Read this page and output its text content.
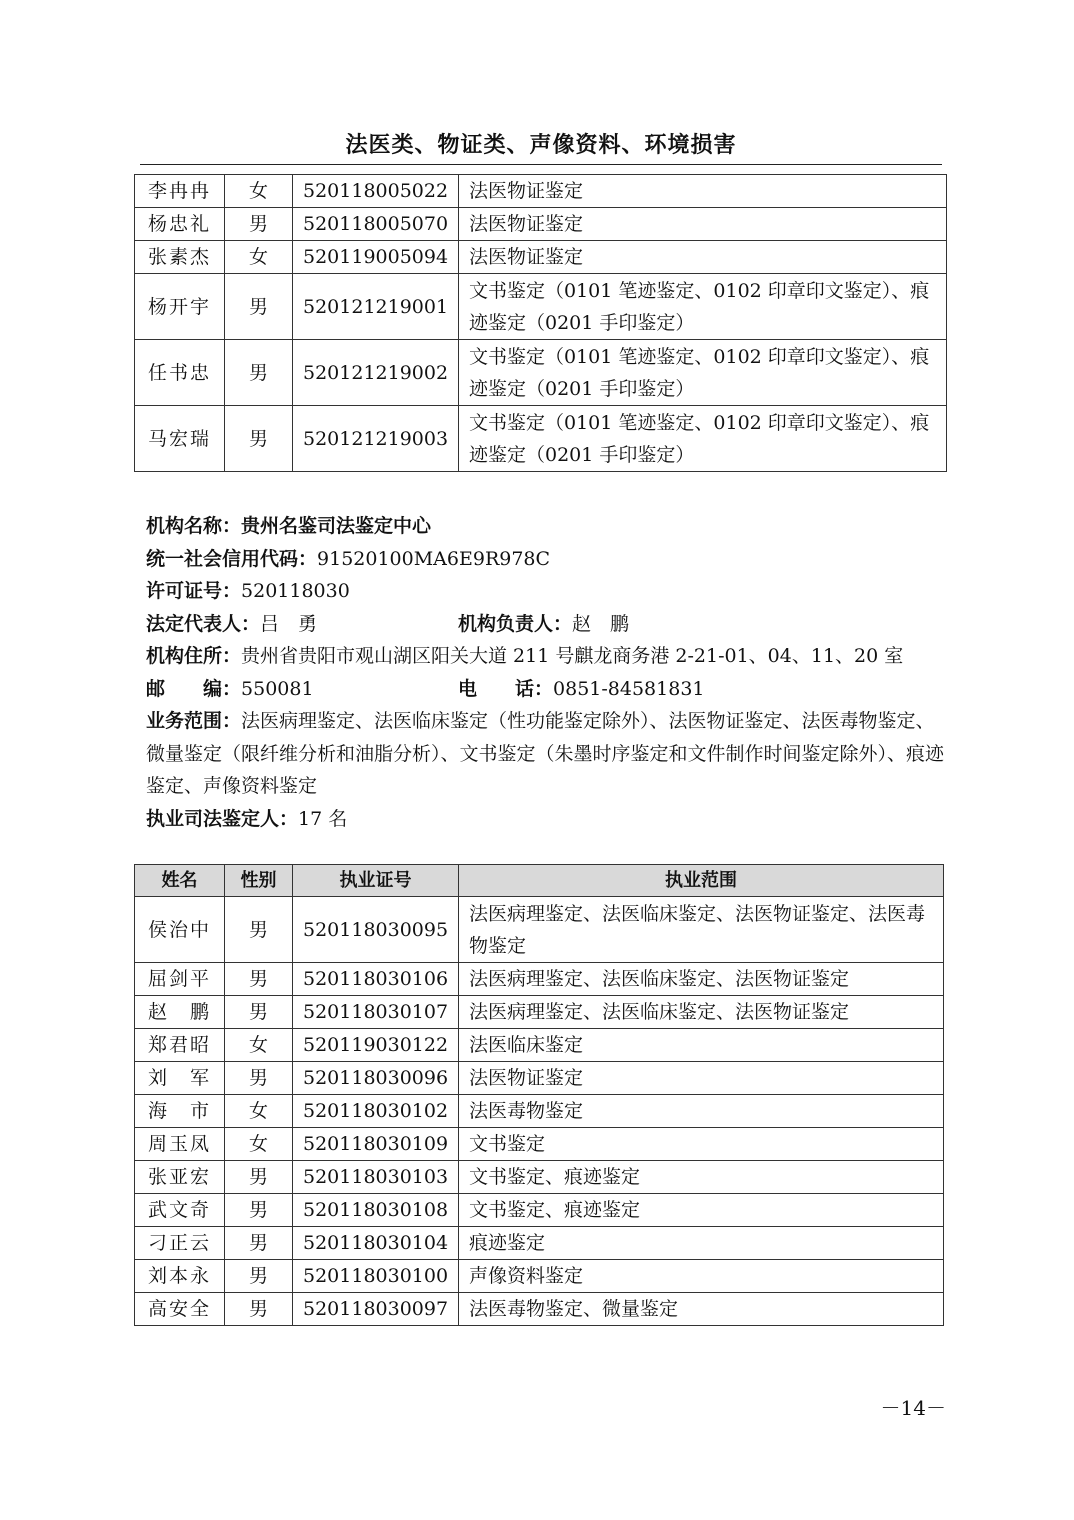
法医类、物证类、声像资料、环境损害
李冉冉	女	520118005022	法医物证鉴定
杨忠礼	男	520118005070	法医物证鉴定
张素杰	女	520119005094	法医物证鉴定
杨开宇	男	520121219001	文书鉴定（0101 笔迹鉴定、0102 印章印文鉴定）、痕迹鉴定（0201 手印鉴定）
任书忠	男	520121219002	文书鉴定（0101 笔迹鉴定、0102 印章印文鉴定）、痕迹鉴定（0201 手印鉴定）
马宏瑞	男	520121219003	文书鉴定（0101 笔迹鉴定、0102 印章印文鉴定）、痕迹鉴定（0201 手印鉴定）

机构名称：贵州名鉴司法鉴定中心

统一社会信用代码：91520100MA6E9R978C

许可证号：520118030

法定代表人：吕　勇	机构负责人：赵　鹏

机构住所：贵州省贵阳市观山湖区阳关大道 211 号麒龙商务港 2-21-01、04、11、20 室

邮　　编：550081	电　　话：0851-84581831

业务范围：法医病理鉴定、法医临床鉴定（性功能鉴定除外）、法医物证鉴定、法医毒物鉴定、微量鉴定（限纤维分析和油脂分析）、文书鉴定（朱墨时序鉴定和文件制作时间鉴定除外）、痕迹鉴定、声像资料鉴定

执业司法鉴定人：17 名

姓名	性别	执业证号	执业范围
侯治中	男	520118030095	法医病理鉴定、法医临床鉴定、法医物证鉴定、法医毒物鉴定
屈剑平	男	520118030106	法医病理鉴定、法医临床鉴定、法医物证鉴定
赵　鹏	男	520118030107	法医病理鉴定、法医临床鉴定、法医物证鉴定
郑君昭	女	520119030122	法医临床鉴定
刘　军	男	520118030096	法医物证鉴定
海　市	女	520118030102	法医毒物鉴定
周玉凤	女	520118030109	文书鉴定
张亚宏	男	520118030103	文书鉴定、痕迹鉴定
武文奇	男	520118030108	文书鉴定、痕迹鉴定
刁正云	男	520118030104	痕迹鉴定
刘本永	男	520118030100	声像资料鉴定
高安全	男	520118030097	法医毒物鉴定、微量鉴定
－14－
